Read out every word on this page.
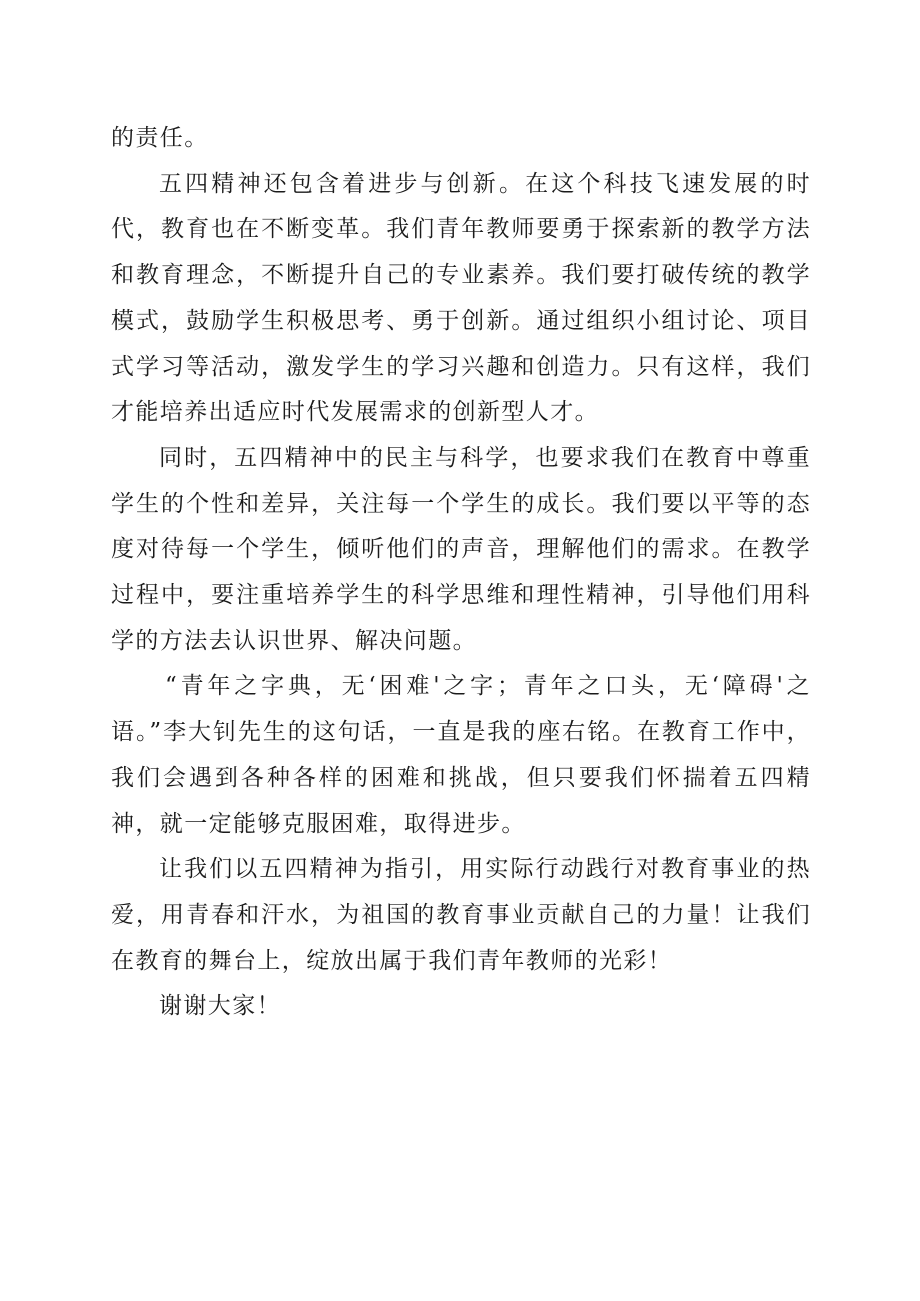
的责任。

五四精神还包含着进步与创新。在这个科技飞速发展的时代，教育也在不断变革。我们青年教师要勇于探索新的教学方法和教育理念，不断提升自己的专业素养。我们要打破传统的教学模式，鼓励学生积极思考、勇于创新。通过组织小组讨论、项目式学习等活动，激发学生的学习兴趣和创造力。只有这样，我们才能培养出适应时代发展需求的创新型人才。

同时，五四精神中的民主与科学，也要求我们在教育中尊重学生的个性和差异，关注每一个学生的成长。我们要以平等的态度对待每一个学生，倾听他们的声音，理解他们的需求。在教学过程中，要注重培养学生的科学思维和理性精神，引导他们用科学的方法去认识世界、解决问题。

“青年之字典，无‘困难'之字；青年之口头，无‘障碍'之语。”李大钊先生的这句话，一直是我的座右铭。在教育工作中，我们会遇到各种各样的困难和挑战，但只要我们怀揣着五四精神，就一定能够克服困难，取得进步。

让我们以五四精神为指引，用实际行动践行对教育事业的热爱，用青春和汗水，为祖国的教育事业贡献自己的力量！让我们在教育的舞台上，绽放出属于我们青年教师的光彩！

谢谢大家！
